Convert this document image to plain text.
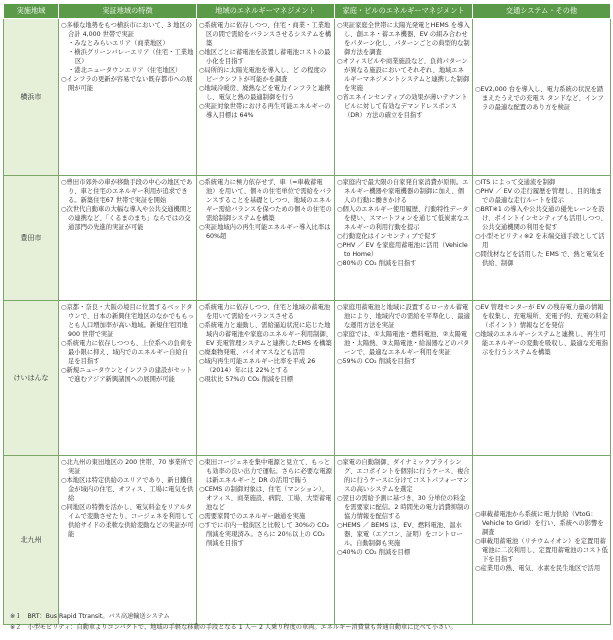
実施地域	実証地域の特徴	地域のエネルギーマネジメント	家庭・ビルのエネルギーマネジメント	交通システム・その他
横浜市	○多様な地勢をもつ横浜市において、3 地区の合計 4,000 世帯で実証
・みなとみらいエリア（商業地区）
・横浜グリーンバレーエリア（住宅・工業地区）
・港北ニュータウンエリア（住宅地区）
○インフラの更新が容易でない既存都市への展開が可能	○系統電力に依存しつつ、住宅・商業・工業地区の間で需給をバランスさせるシステムを構築
○地区ごとに蓄電池を設置し蓄電池コストの最小化を目指す
○局所的に太陽光電池を導入し、ど の程度のピークシフトが可能かを調査
○地域冷暖房、廃熱などを電力インフラと連携し、電気と熱の最適制御を行う
○実証対象世帯における再生可能エネルギーの導入目標は 64%	○実証家庭全世帯に太陽光発電とHEMS を導入し、創エネ・蓄エネ機器、EV の組み合わせをパターン化し、パターンごとの典型的な制御方法を調査
○オフィスビルや商業施設など、負荷パターンが異なる施設においてそれぞれ、地域エネルギーマネジメントシステムと連携した制御を実施
○省エネインセンティブの効果が薄いテナントビルに対して有効なデマンドレスポンス（DR）方法の確立を目指す	○EV2,000 台を導入し、電力系統の状況を踏まえたうえでの充電ス タンドなど、インフラの最適な配置のあり方を検証

豊田市	○豊田市郊外の車が移動手段の中心の地区であり、車と住宅のエネルギー利用が追求できる。新築住宅67 世帯で実証を開始
○次世代自動車の大幅な導入や公共交通機関との連携など、「くるまのまち」ならではの交通部門の先進的実証が可能	○系統電力に極力依存せず、車（=車載蓄電池）を用いて、個々の住宅単位で需給をバランスすることを基礎としつつ、地域のエネルギー需給バランスを保つための個々の住宅の需給制御システムを構築
○実証地域内の再生可能エネルギー導入比率は 60%超	○家庭内で最大限の自家発自家消費が原則。エネルギー機器や家電機器の制御に加え、個人の行動に働きかける
○個人のエネルギー使用履歴、行動特性データを使い、スマートフォンを通じて低炭素なエネルギーの利用行動を提示
○行動変化はインセンティブで促す
○PHV ／ EV を家庭用蓄電池に活用（Vehicle to Home）
○80%の CO₂ 削減を目指す	○ITS によって交通流を制御
○PHV ／ EV の走行履歴を管理し、目的地までの最適な走行ルートを提示
○BRT※1 の導入や公共交通の優先レーンを設け、ポイントインセンティブも活用しつつ、公共交通機関の利用を促す
○小型モビリティ※2 を末端交通手段として活用
○間伐材などを活用した EMS で、熱と電気を供給、制御

けいはんな	○京都・奈良・大阪の境目に位置するベッドタウンで、日本の新興住宅地区のなかでももっとも人口増加率が高い地域。新規住宅団地900 世帯で実証
○系統電力に依存しつつも、上位系への負荷を最小限に抑え、域内でのエネルギー自給自足を目指す
○新規ニュータウンとインフラの建設がセットで進むアジア新興諸国への展開が可能	○系統電力に依存しつつ、住宅と地域の蓄電池を用いて需給をバランスさせる
○系統電力と連動し、需給逼迫状況に応じた地域内の蓄電池や家庭のエネルギー利用制御、EV 充電管理システムと連携したEMS を構築
○廃棄物発電、バイオマスなども活用
○域内再生可能エネルギー比率を平成 26（2014）年には 22%とする
○現状比 57%の CO₂ 削減を目標	○家庭用蓄電池と地域に設置するローカル蓄電池により、地域内での需給を平準化し、最適な運用方法を実証
○家庭では、①太陽電池・燃料電池、②太陽電池・太陽熱、③太陽電池・給湯器などのパターンで、最適なエネルギー利用を実証
○59%の CO₂ 削減を目指す	○EV 管理センターが EV の残存電力量の情報を収集し、充電場所、充電予約、充電の料金（ポイント）情報などを発信
○地域のエネルギーシステムと連携し、再生可能エネルギーの変動を吸収し、最適な充電指示を行うシステムを構築

北九州	○北九州の東田地区の 200 世帯、70 事業所で実証
○本地区は特定供給のエリアであり、新日鐵住金が域内の住宅、オフィス、工場に電気を供給
○同地区の特徴を活かし、電気料金をリアルタイムで変動させたり、コージェネを利用して供給サイドの柔軟な供給変動などの実証が可能	○東田コージェネを集中電源と見立て、もっとも効率の良い出力で運転。さらに必要な電源は新エネルギーと DR の活用で賄う
○CEMS の制御対象は、住宅（マンション）、オフィス、商業施設、病院、工場、大型蓄電池など
○需要家間でのエネルギー融通を実施
○すでに市内一般街区と比較して 30%の CO₂ 削減を実現済み。さらに 20％以上の CO₂ 削減を目指す	○家電の自動制御、ダイナミックプライシング、エコポイントを個別に行うケース、複合的に行うケースに分けてコストパフォーマンスの高いシステムを選定
○翌日の需給予測に基づき、30 分単位の料金を需要家に配信。2 時間先の電力消費抑制の協力情報を配信する
○HEMS ／ BEMS は、EV、燃料電池、温水器、家電（エアコン、証明）をコントロール。自動制御も実施
○40%の CO₂ 削減を目標	○車載蓄電池から系統に電力供給（VtoG：Vehicle to Grid）を行い、系統への影響を調査
○車載用蓄電池（リチウムイオン）を定置用蓄電池に二次利用し、定置用蓄電池のコスト低下を目指す
○産業用の熱、電気、水素を民生地区で活用
※１　BRT：Bus Rapid Ttransit。バス高速輸送システム
※２　小型モビリティ：自動車よりコンパクトで、地域の手軽な移動の手段となる 1 人～ 2 人乗り程度の車両。エネルギー消費量も普通自動車に比べて小さい。
